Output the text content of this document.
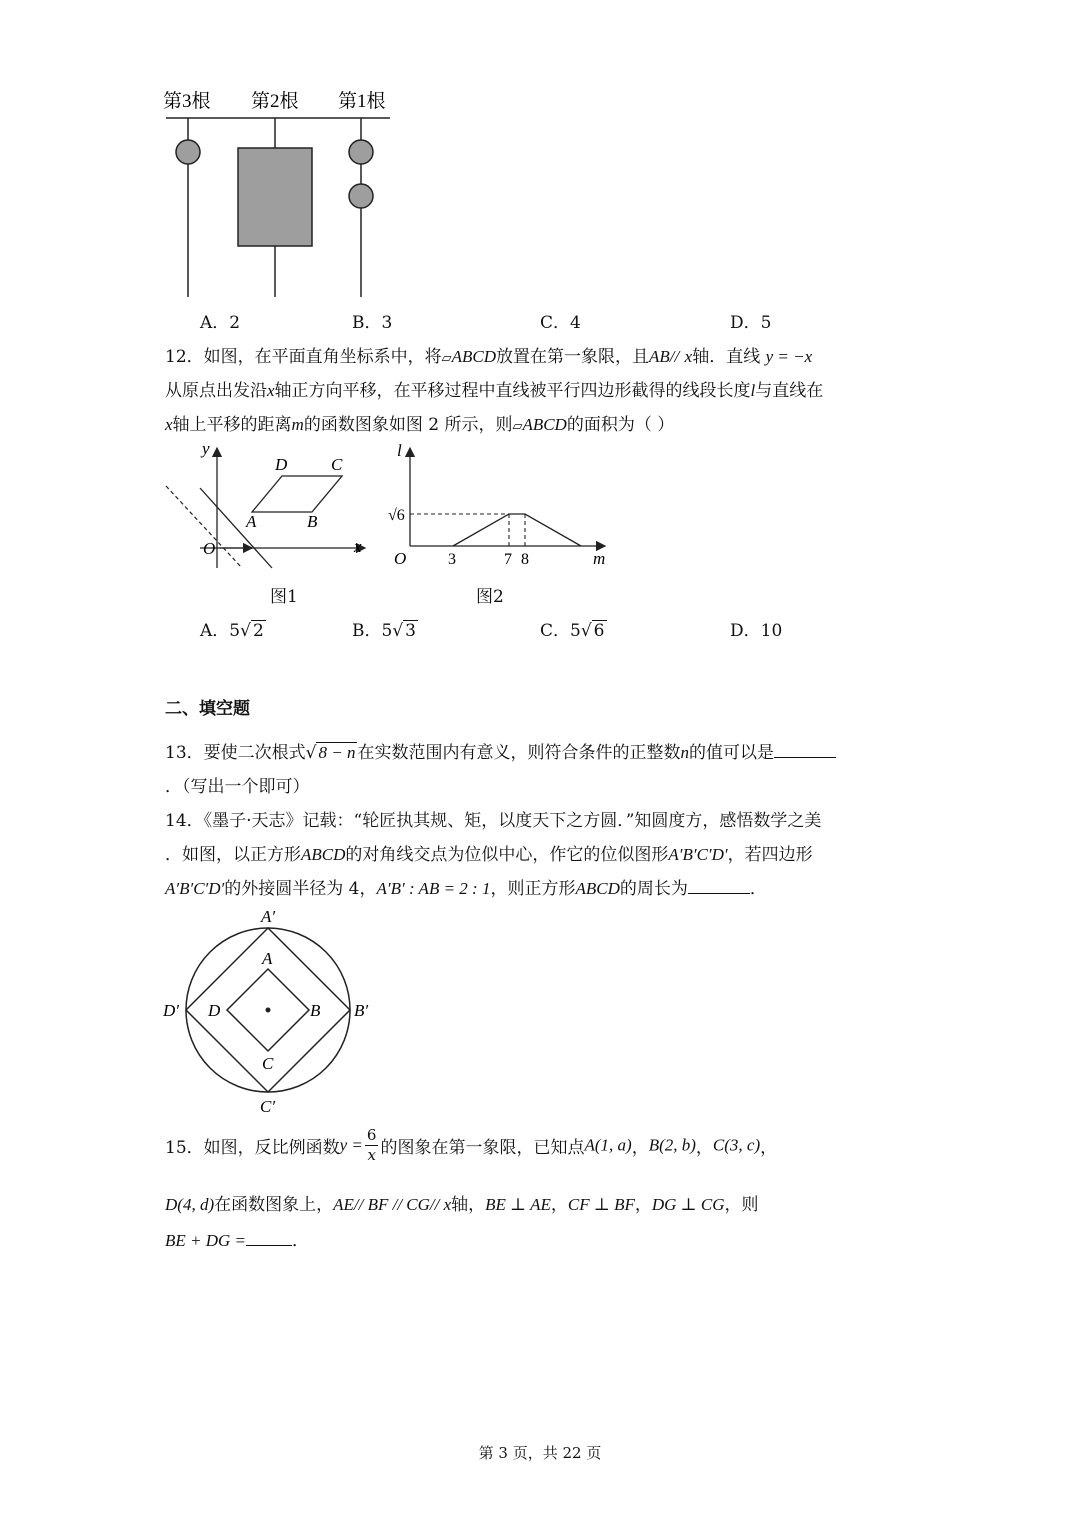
第3根 第2根 第1根
A．2	B．3	C．4	D．5
12．如图，在平面直角坐标系中，将▱ABCD放置在第一象限，且AB// x轴．直线 y = −x
从原点出发沿x轴正方向平移，在平移过程中直线被平行四边形截得的线段长度l与直线在
x轴上平移的距离m的函数图象如图 2 所示，则▱ABCD的面积为（ ）
y
x
O
A	B
C
D
图1
l
m
O
√6
3	7 8
图2
A．5√ 2	B．5√ 3	C．5√ 6	D．10
二、填空题
13．要使二次根式√ 8 − n 在实数范围内有意义，则符合条件的正整数n的值可以是
．（写出一个即可）
14．《墨子·天志》记载：“轮匠执其规、矩，以度天下之方圆．”知圆度方，感悟数学之美
．如图，以正方形ABCD的对角线交点为位似中心，作它的位似图形A′B′C′D′，若四边形
A′B′C′D′的外接圆半径为 4，A′B′ : AB = 2 : 1，则正方形ABCD的周长为	．
A′
B′
C′
D′
A
B
C
D
15．如图，反比例函数$y = \frac{6}{x}$ 的图象在第一象限，已知点A(1, a)，B(2, b)，C(3, c)，
D(4, d)在函数图象上，AE// BF // CG// x轴，BE ⊥ AE，CF ⊥ BF，DG ⊥ CG，则
BE + DG =	．
第 3 页，共 22 页
